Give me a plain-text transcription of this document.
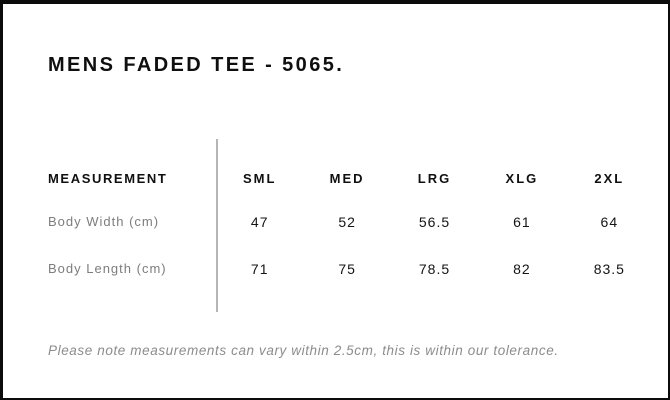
MENS FADED TEE - 5065.
MEASUREMENT	SML	MED	LRG	XLG	2XL
Body Width (cm)	47	52	56.5	61	64
Body Length (cm)	71	75	78.5	82	83.5

Please note measurements can vary within 2.5cm, this is within our tolerance.
